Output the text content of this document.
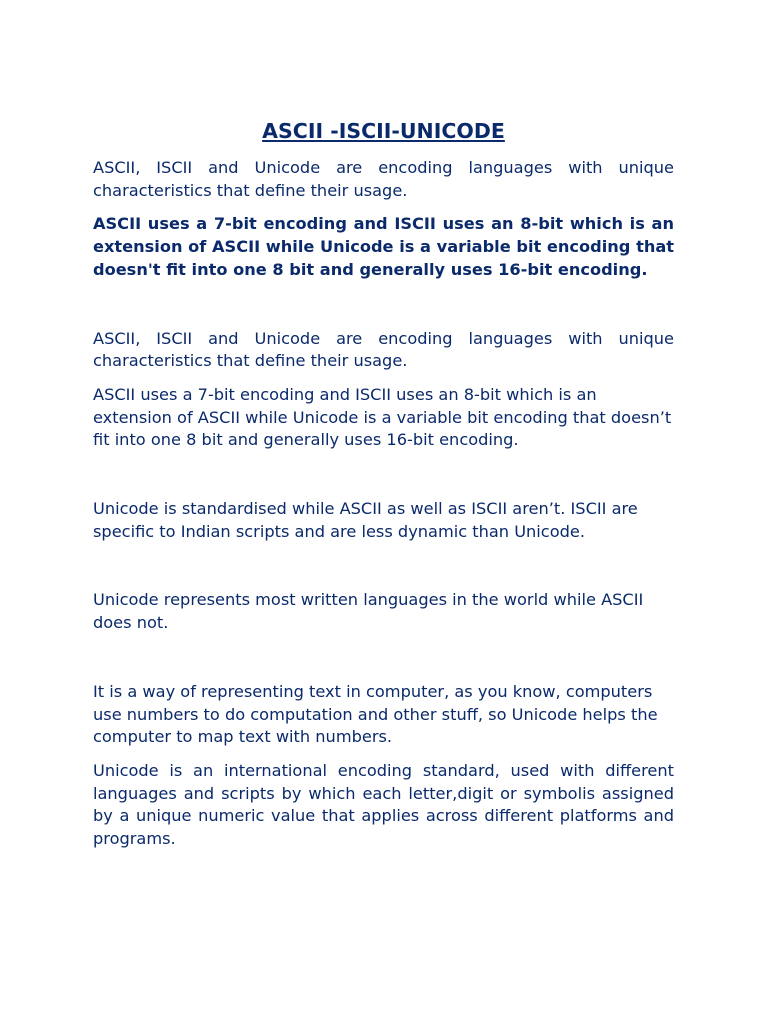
ASCII -ISCII-UNICODE

ASCII, ISCII and Unicode are encoding languages with unique characteristics that define their usage.

ASCII uses a 7-bit encoding and ISCII uses an 8-bit which is an extension of ASCII while Unicode is a variable bit encoding that doesn't fit into one 8 bit and generally uses 16-bit encoding.

ASCII, ISCII and Unicode are encoding languages with unique characteristics that define their usage.

ASCII uses a 7-bit encoding and ISCII uses an 8-bit which is an extension of ASCII while Unicode is a variable bit encoding that doesn’t fit into one 8 bit and generally uses 16-bit encoding.

Unicode is standardised while ASCII as well as ISCII aren’t. ISCII are specific to Indian scripts and are less dynamic than Unicode.

Unicode represents most written languages in the world while ASCII does not.

It is a way of representing text in computer, as you know, computers use numbers to do computation and other stuff, so Unicode helps the computer to map text with numbers.

Unicode is an international encoding standard, used with different languages and scripts by which each letter,digit or symbolis assigned by a unique numeric value that applies across different platforms and programs.
